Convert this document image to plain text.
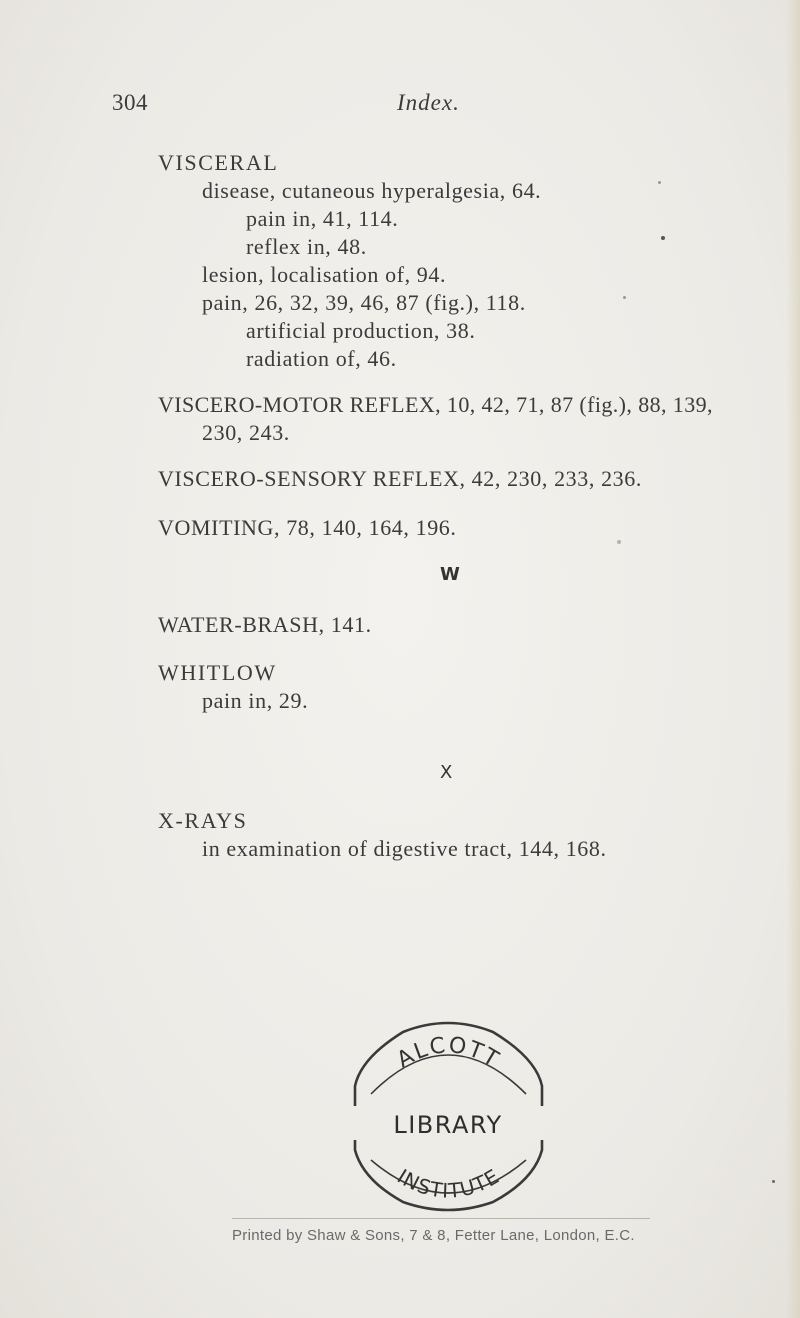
304	Index.
VISCERAL
disease, cutaneous hyperalgesia, 64.
pain in, 41, 114.
reflex in, 48.
lesion, localisation of, 94.
pain, 26, 32, 39, 46, 87 (fig.), 118.
artificial production, 38.
radiation of, 46.
VISCERO-MOTOR REFLEX, 10, 42, 71, 87 (fig.), 88, 139,
230, 243.
VISCERO-SENSORY REFLEX, 42, 230, 233, 236.
VOMITING, 78, 140, 164, 196.
W
WATER-BRASH, 141.
WHITLOW
pain in, 29.
X
X-RAYS
in examination of digestive tract, 144, 168.
ALCOTT
LIBRARY
INSTITUTE
Printed by Shaw & Sons, 7 & 8, Fetter Lane, London, E.C.
